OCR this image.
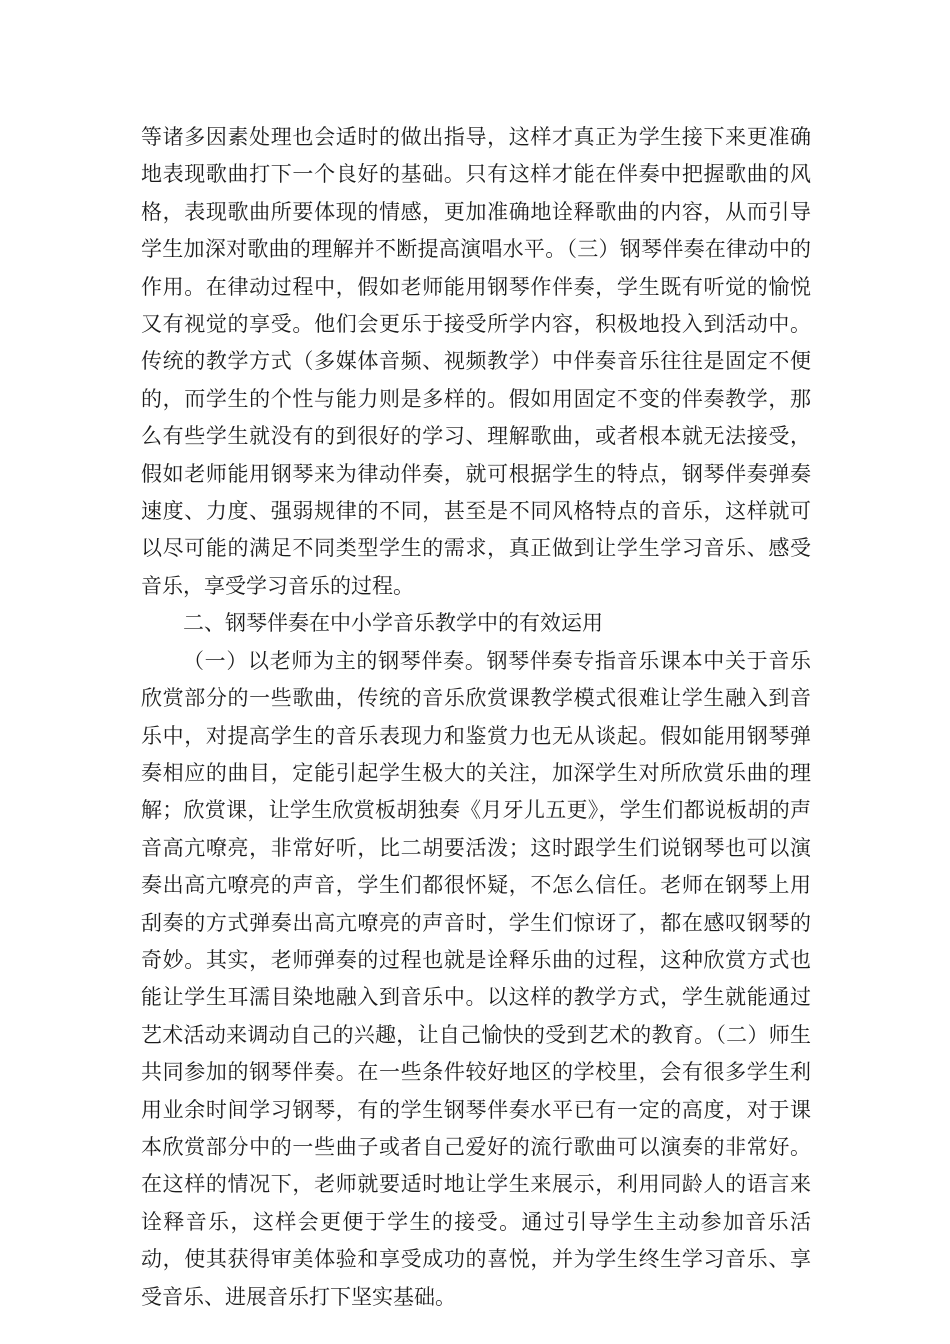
等诸多因素处理也会适时的做出指导，这样才真正为学生接下来更准确地表现歌曲打下一个良好的基础。只有这样才能在伴奏中把握歌曲的风格，表现歌曲所要体现的情感，更加准确地诠释歌曲的内容，从而引导学生加深对歌曲的理解并不断提高演唱水平。（三）钢琴伴奏在律动中的作用。在律动过程中，假如老师能用钢琴作伴奏，学生既有听觉的愉悦又有视觉的享受。他们会更乐于接受所学内容，积极地投入到活动中。传统的教学方式（多媒体音频、视频教学）中伴奏音乐往往是固定不便的，而学生的个性与能力则是多样的。假如用固定不变的伴奏教学，那么有些学生就没有的到很好的学习、理解歌曲，或者根本就无法接受，假如老师能用钢琴来为律动伴奏，就可根据学生的特点，钢琴伴奏弹奏速度、力度、强弱规律的不同，甚至是不同风格特点的音乐，这样就可以尽可能的满足不同类型学生的需求，真正做到让学生学习音乐、感受音乐，享受学习音乐的过程。

二、钢琴伴奏在中小学音乐教学中的有效运用

（一）以老师为主的钢琴伴奏。钢琴伴奏专指音乐课本中关于音乐欣赏部分的一些歌曲，传统的音乐欣赏课教学模式很难让学生融入到音乐中，对提高学生的音乐表现力和鉴赏力也无从谈起。假如能用钢琴弹奏相应的曲目，定能引起学生极大的关注，加深学生对所欣赏乐曲的理解；欣赏课，让学生欣赏板胡独奏《月牙儿五更》，学生们都说板胡的声音高亢嘹亮，非常好听，比二胡要活泼；这时跟学生们说钢琴也可以演奏出高亢嘹亮的声音，学生们都很怀疑，不怎么信任。老师在钢琴上用刮奏的方式弹奏出高亢嘹亮的声音时，学生们惊讶了，都在感叹钢琴的奇妙。其实，老师弹奏的过程也就是诠释乐曲的过程，这种欣赏方式也能让学生耳濡目染地融入到音乐中。以这样的教学方式，学生就能通过艺术活动来调动自己的兴趣，让自己愉快的受到艺术的教育。（二）师生共同参加的钢琴伴奏。在一些条件较好地区的学校里，会有很多学生利用业余时间学习钢琴，有的学生钢琴伴奏水平已有一定的高度，对于课本欣赏部分中的一些曲子或者自己爱好的流行歌曲可以演奏的非常好。在这样的情况下，老师就要适时地让学生来展示，利用同龄人的语言来诠释音乐，这样会更便于学生的接受。通过引导学生主动参加音乐活动，使其获得审美体验和享受成功的喜悦，并为学生终生学习音乐、享受音乐、进展音乐打下坚实基础。
